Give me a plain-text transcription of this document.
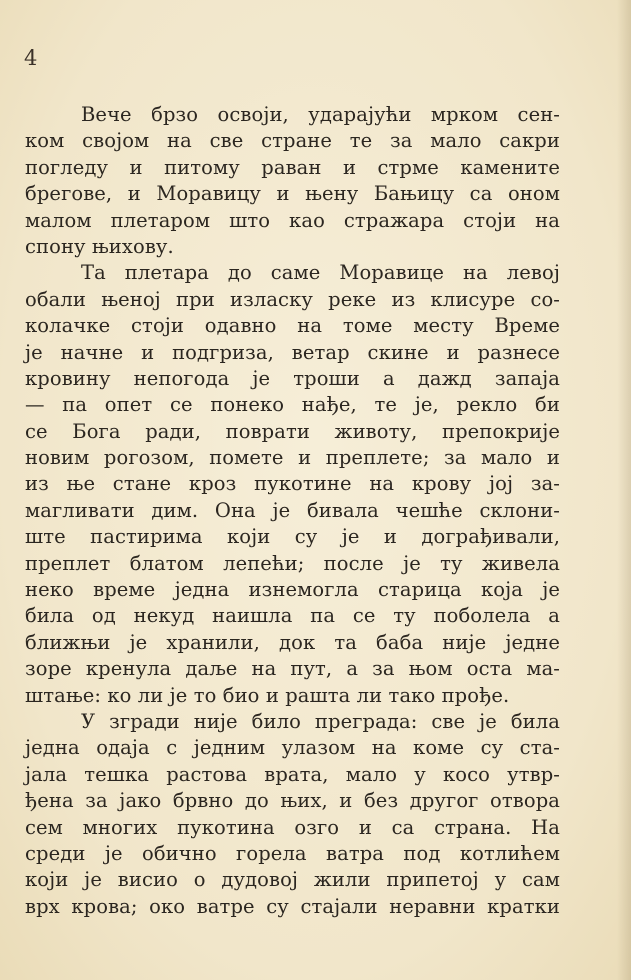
4
Вече брзо освоји, ударајући мрком сен-
ком својом на све стране те за мало сакри
погледу и питому раван и стрме камените
брегове, и Моравицу и њену Бањицу са оном
малом плетаром што као стражара стоји на
спону њихову.
Та плетара до саме Моравице на левој
обали њеној при изласку реке из клисуре со-
колачке стоји одавно на томе месту Време
је начне и подгриза, ветар скине и разнесе
кровину непогода је троши а дажд запаја
— па опет се понеко нађе, те је, рекло би
се Бога ради, поврати животу, препокрије
новим рогозом, помете и преплете; за мало и
из ње стане кроз пукотине на крову јој за-
магливати дим. Она је бивала чешће склони-
ште пастирима који су је и дограђивали,
преплет блатом лепећи; после је ту живела
неко време једна изнемогла старица која је
била од некуд наишла па се ту поболела а
ближњи је хранили, док та баба није једне
зоре кренула даље на пут, а за њом оста ма-
штање: ко ли је то био и рашта ли тако прође.
У згради није било преграда: све је била
једна одаја с једним улазом на коме су ста-
јала тешка растова врата, мало у косо утвр-
ђена за јако брвно до њих, и без другог отвора
сем многих пукотина озго и са страна. На
среди је обично горела ватра под котлићем
који је висио о дудовој жили припетој у сам
врх крова; око ватре су стајали неравни кратки
